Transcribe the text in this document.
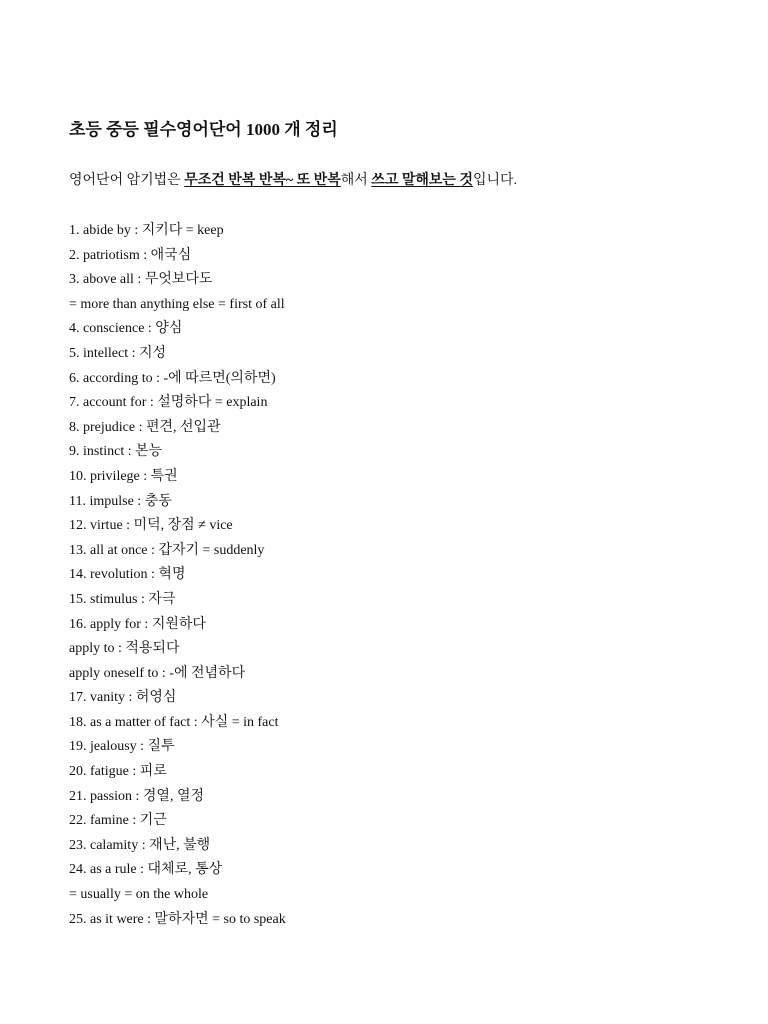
초등 중등 필수영어단어 1000 개 정리

영어단어 암기법은 무조건 반복 반복~ 또 반복해서 쓰고 말해보는 것입니다.

1. abide by : 지키다 = keep
2. patriotism : 애국심
3. above all : 무엇보다도
= more than anything else = first of all
4. conscience : 양심
5. intellect : 지성
6. according to : -에 따르면(의하면)
7. account for : 설명하다 = explain
8. prejudice : 편견, 선입관
9. instinct : 본능
10. privilege : 특권
11. impulse : 충동
12. virtue : 미덕, 장점 ≠ vice
13. all at once : 갑자기 = suddenly
14. revolution : 혁명
15. stimulus : 자극
16. apply for : 지원하다
apply to : 적용되다
apply oneself to : -에 전념하다
17. vanity : 허영심
18. as a matter of fact : 사실 = in fact
19. jealousy : 질투
20. fatigue : 피로
21. passion : 경열, 열정
22. famine : 기근
23. calamity : 재난, 불행
24. as a rule : 대체로, 통상
= usually = on the whole
25. as it were : 말하자면 = so to speak
